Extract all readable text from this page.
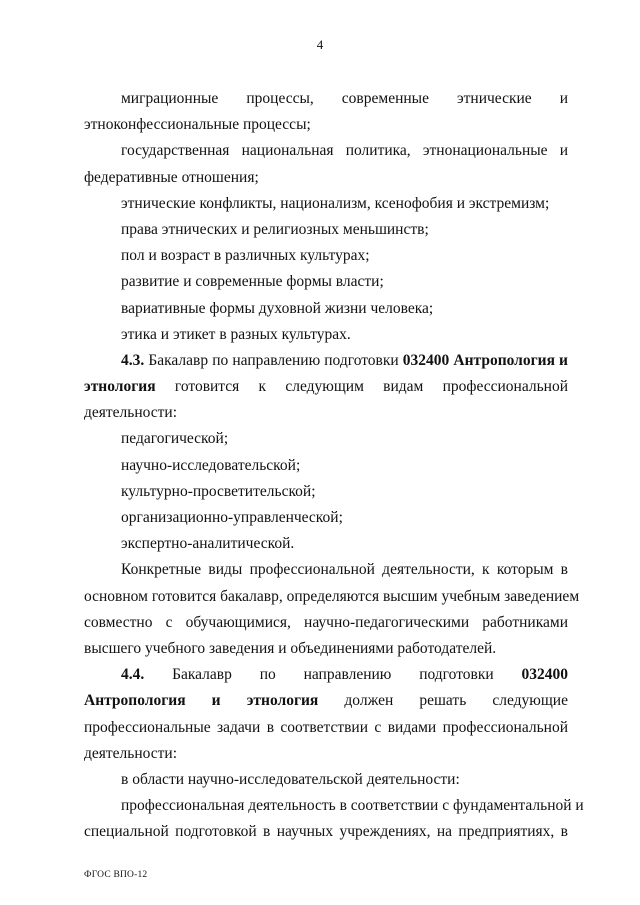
4
миграционные процессы, современные этнические и
этноконфессиональные процессы;
государственная национальная политика, этнонациональные и
федеративные отношения;
этнические конфликты, национализм, ксенофобия и экстремизм;
права этнических и религиозных меньшинств;
пол и возраст в различных культурах;
развитие и современные формы власти;
вариативные формы духовной жизни человека;
этика и этикет в разных культурах.
4.3. Бакалавр по направлению подготовки 032400 Антропология и
этнология готовится к следующим видам профессиональной
деятельности:
педагогической;
научно-исследовательской;
культурно-просветительской;
организационно-управленческой;
экспертно-аналитической.
Конкретные виды профессиональной деятельности, к которым в
основном готовится бакалавр, определяются высшим учебным заведением
совместно с обучающимися, научно-педагогическими работниками
высшего учебного заведения и объединениями работодателей.
4.4. Бакалавр по направлению подготовки 032400
Антропология и этнология должен решать следующие
профессиональные задачи в соответствии с видами профессиональной
деятельности:
в области научно-исследовательской деятельности:
профессиональная деятельность в соответствии с фундаментальной и
специальной подготовкой в научных учреждениях, на предприятиях, в
ФГОС ВПО-12
